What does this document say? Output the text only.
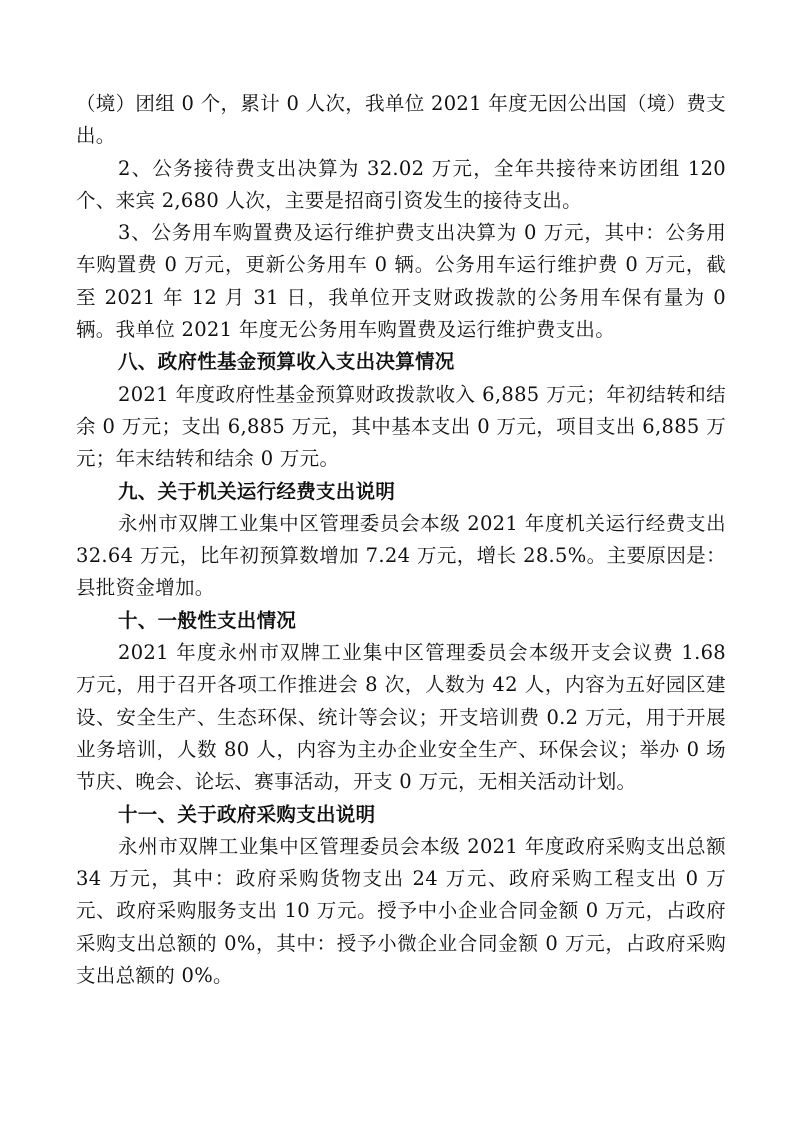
（境）团组 0 个，累计 0 人次，我单位 2021 年度无因公出国（境）费支出。

2、公务接待费支出决算为 32.02 万元，全年共接待来访团组 120 个、来宾 2,680 人次，主要是招商引资发生的接待支出。

3、公务用车购置费及运行维护费支出决算为 0 万元，其中：公务用车购置费 0 万元，更新公务用车 0 辆。公务用车运行维护费 0 万元，截至 2021 年 12 月 31 日，我单位开支财政拨款的公务用车保有量为 0 辆。我单位 2021 年度无公务用车购置费及运行维护费支出。

八、政府性基金预算收入支出决算情况

2021 年度政府性基金预算财政拨款收入 6,885 万元；年初结转和结余 0 万元；支出 6,885 万元，其中基本支出 0 万元，项目支出 6,885 万元；年末结转和结余 0 万元。

九、关于机关运行经费支出说明

永州市双牌工业集中区管理委员会本级 2021 年度机关运行经费支出 32.64 万元，比年初预算数增加 7.24 万元，增长 28.5%。主要原因是：县批资金增加。

十、一般性支出情况

2021 年度永州市双牌工业集中区管理委员会本级开支会议费 1.68 万元，用于召开各项工作推进会 8 次，人数为 42 人，内容为五好园区建设、安全生产、生态环保、统计等会议；开支培训费 0.2 万元，用于开展业务培训，人数 80 人，内容为主办企业安全生产、环保会议；举办 0 场节庆、晚会、论坛、赛事活动，开支 0 万元，无相关活动计划。

十一、关于政府采购支出说明

永州市双牌工业集中区管理委员会本级 2021 年度政府采购支出总额 34 万元，其中：政府采购货物支出 24 万元、政府采购工程支出 0 万元、政府采购服务支出 10 万元。授予中小企业合同金额 0 万元，占政府采购支出总额的 0%，其中：授予小微企业合同金额 0 万元，占政府采购支出总额的 0%。
